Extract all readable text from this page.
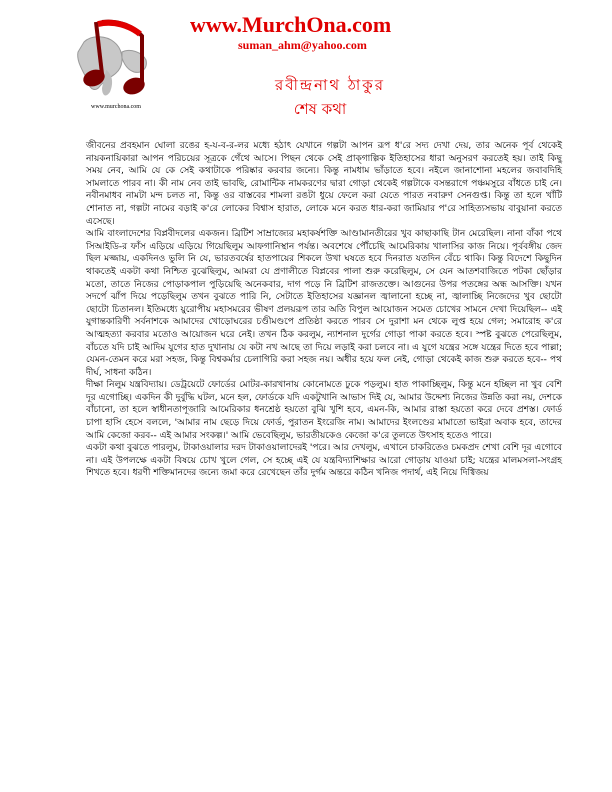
www.murchona.com
www.MurchOna.com
suman_ahm@yahoo.com
রবীন্দ্রনাথ ঠাকুর
শেষ কথা

জীবনের প্রবহমান ঘোলা রঙের হ-য-ব-র-লর মধ্যে হঠাৎ যেখানে গল্পটা আপন রূপ ধ'রে সদ্য দেখা দেয়, তার অনেক পূর্ব থেকেই নায়কনায়িকারা আপন পরিচয়ের সূত্রকে গেঁথে আসে। পিছন থেকে সেই প্রাক্‌গাল্পিক ইতিহাসের ধারা অনুসরণ করতেই হয়। তাই কিছু সময় নেব, আমি যে কে সেই কথাটাকে পরিষ্কার করবার জন্যে। কিন্তু নামধাম ভাঁড়াতে হবে। নইলে জানাশোনা মহলের জবাবদিহি সামলাতে পারব না। কী নাম নেব তাই ভাবছি, রোমান্টিক নামকরণের দ্বারা গোড়া থেকেই গল্পটাকে বসন্তরাগে পঞ্চমসুরে বাঁধতে চাই নে। নবীনমাধব নামটা মন্দ চলত না, কিন্তু ওর বাস্তবের শামলা রঙটা ধুয়ে ফেলে করা যেতে পারত নবারুণ সেনগুপ্ত। কিন্তু তা হলে খাঁটি শোনাত না, গল্পটা নামের বড়াই ক'রে লোকের বিশ্বাস হারাত, লোকে মনে করত ধার-করা জামিয়ার প'রে সাহিত্যসভায় বাবুয়ানা করতে এসেছে।

আমি বাংলাদেশের বিপ্লবীদলের একজন। ব্রিটিশ সাম্রাজ্যের মহাকর্ষশক্তি আণ্ডামানতীরের খুব কাছাকাছি টান মেরেছিল। নানা বাঁকা পথে সিআইডি-র ফাঁস এড়িয়ে এড়িয়ে গিয়েছিলুম আফগানিস্থান পর্যন্ত। অবশেষে পৌঁচেছি আমেরিকায় খালাসির কাজ নিয়ে। পূর্ববঙ্গীয় জেদ ছিল মজ্জায়, একদিনও ভুলি নি যে, ভারতবর্ষের হাতপায়ের শিকলে উখা ঘষতে হবে দিনরাত যতদিন বেঁচে থাকি। কিন্তু বিদেশে কিছুদিন থাকতেই একটা কথা নিশ্চিত বুঝেছিলুম, আমরা যে প্রণালীতে বিপ্লবের পালা শুরু করেছিলুম, সে যেন আতশবাজিতে পটকা ছোঁড়ার মতো, তাতে নিজের পোড়াকপাল পুড়িয়েছি অনেকবার, দাগ পড়ে নি ব্রিটিশ রাজতক্তে। আগুনের উপর পতঙ্গের অন্ধ আসক্তি। যখন সদর্পে ঝাঁপ দিয়ে পড়েছিলুম তখন বুঝতে পারি নি, সেটাতে ইতিহাসের যজ্ঞানল জ্বালানো হচ্ছে না, জ্বালাচ্ছি নিজেদের খুব ছোটো ছোটো চিতানল। ইতিমধ্যে য়ুরোপীয় মহাসমরের ভীষণ প্রলয়রূপ তার অতি বিপুল আয়োজন সমেত চোখের সামনে দেখা দিয়েছিল-- এই যুগান্তকারিণী সর্বনাশকে আমাদের খোড়োঘরের চণ্ডীমণ্ডপে প্রতিষ্ঠা করতে পারব সে দুরাশা মন থেকে লুপ্ত হয়ে গেল; সমারোহ ক'রে আত্মহত্যা করবার মতোও আয়োজন ঘরে নেই। তখন ঠিক করলুম, ন্যাশনাল দুর্গের গোড়া পাকা করতে হবে। স্পষ্ট বুঝতে পেরেছিলুম, বাঁচতে যদি চাই আদিম যুগের হাত দুখানায় যে কটা নখ আছে তা দিয়ে লড়াই করা চলবে না। এ যুগে যন্ত্রের সঙ্গে যন্ত্রের দিতে হবে পাল্লা; যেমন-তেমন করে মরা সহজ, কিন্তু বিশ্বকর্মার চেলাগিরি করা সহজ নয়। অধীর হয়ে ফল নেই, গোড়া থেকেই কাজ শুরু করতে হবে-- পথ দীর্ঘ, সাধনা কঠিন।

দীক্ষা নিলুম যন্ত্রবিদ্যায়। ডেট্রয়েটে ফোর্ডের মোটর-কারখানায় কোনোমতে ঢুকে পড়লুম। হাত পাকাচ্ছিলুম, কিন্তু মনে হচ্ছিল না খুব বেশি দূর এগোচ্ছি। একদিন কী দুর্বুদ্ধি ঘটল, মনে হল, ফোর্ডকে যদি একটুখানি আভাস দিই যে, আমার উদ্দেশ্য নিজের উন্নতি করা নয়, দেশকে বাঁচানো, তা হলে স্বাধীনতাপূজারি আমেরিকার ধনশ্রেষ্ঠ হয়তো বুঝি খুশি হবে, এমন-কি, আমার রাস্তা হয়তো করে দেবে প্রশস্ত। ফোর্ড চাপা হাসি হেসে বললে, 'আমার নাম ছেড়ে দিয়ে ফোর্ড, পুরাতন ইংরেজি নাম। আমাদের ইংলণ্ডের মামাতো ভাইরা অবাক হবে, তাদের আমি কেজো করব-- এই আমার সংকল্প।' আমি ভেবেছিলুম, ভারতীয়কেও কেজো ক'রে তুলতে উৎসাহ হতেও পারে।

একটা কথা বুঝতে পারলুম, টাকাওয়ালার দরদ টাকাওয়ালাদেরই 'পরে। আর দেখলুম, এখানে চাকরিতেও চমকপ্রদ শেখা বেশি দূর এগোবে না। এই উপলক্ষে একটা বিষয়ে চোখ খুলে গেল, সে হচ্ছে এই যে যন্ত্রবিদ্যাশিক্ষার আরো গোড়ায় যাওয়া চাই; যন্ত্রের মালমসলা-সংগ্রহ শিখতে হবে। ধরণী শক্তিমানদের জন্যে জমা করে রেখেছেন তাঁর দুর্গম অন্তরে কঠিন খনিজ পদার্থ, এই নিয়ে দিগ্বিজয়
